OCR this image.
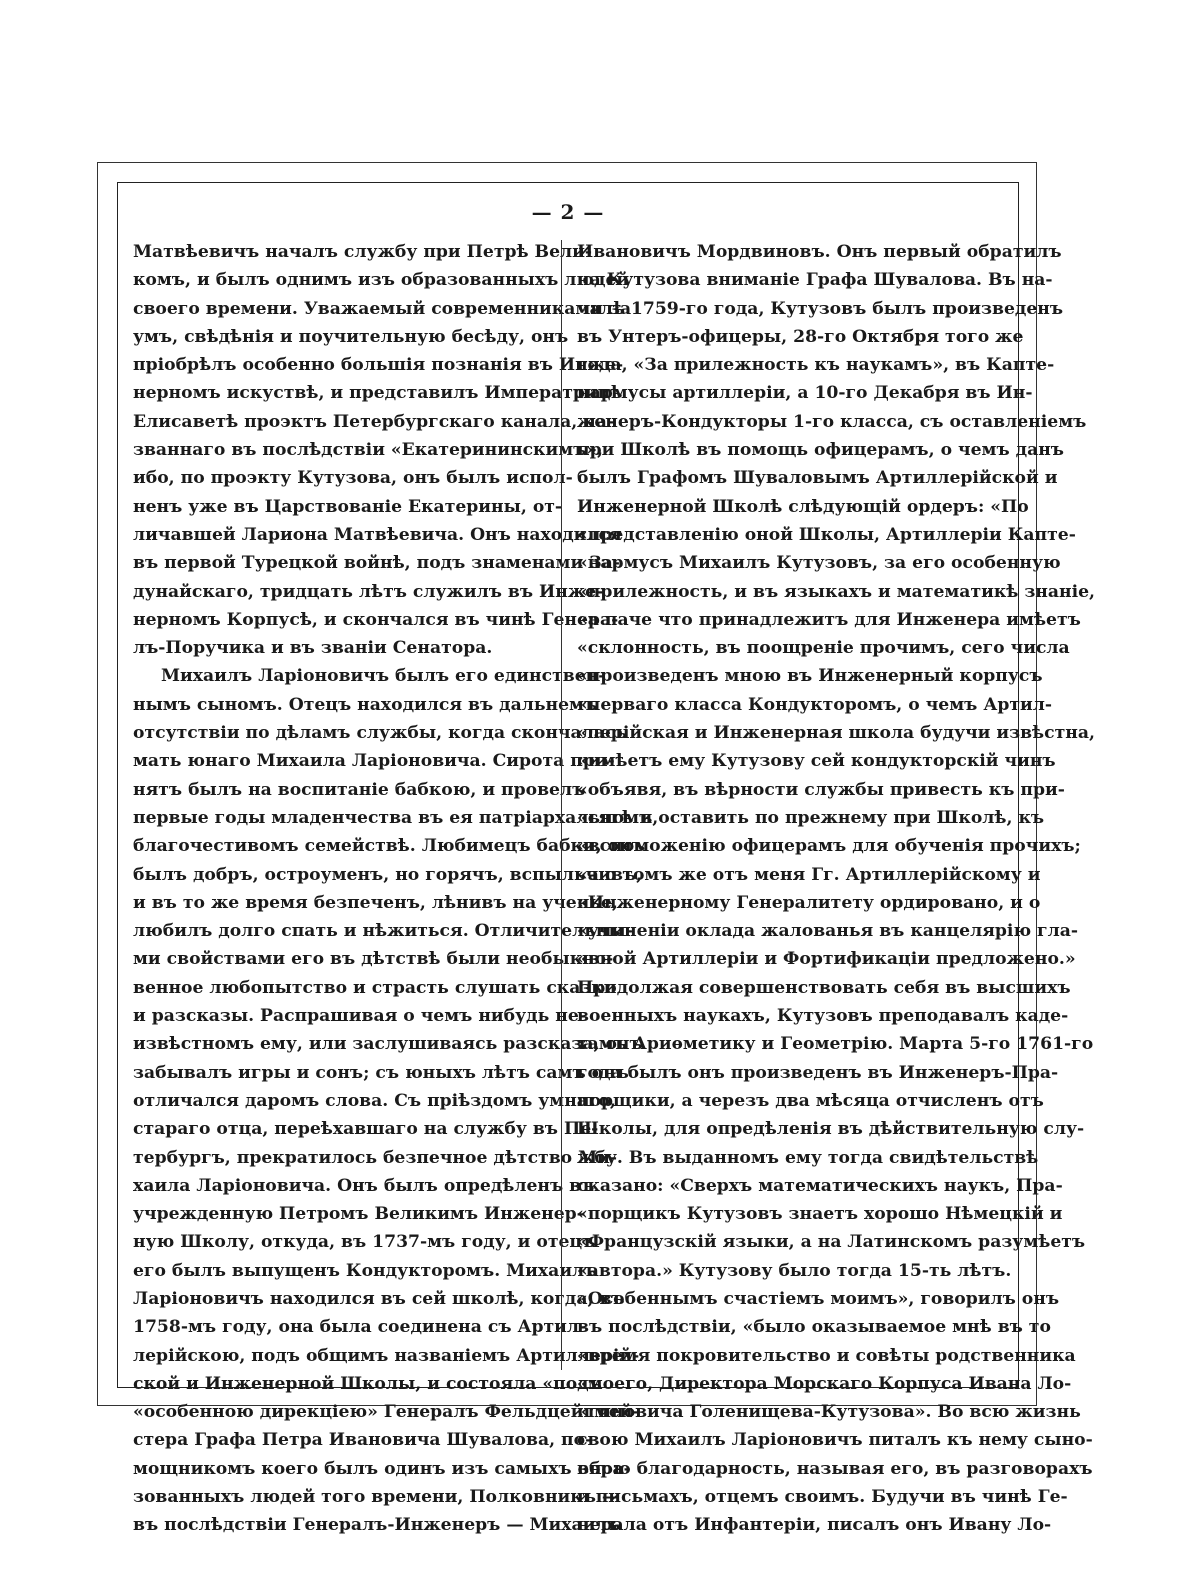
— 2 —
Матвѣевичъ началъ службу при Петрѣ Вели-
комъ, и былъ однимъ изъ образованныхъ людей
своего времени. Уважаемый современниками за
умъ, свѣдѣнія и поучительную бесѣду, онъ
пріобрѣлъ особенно большія познанія въ Инже-
нерномъ искуствѣ, и представилъ Императрицѣ
Елисаветѣ проэктъ Петербургскаго канала, на-
званнаго въ послѣдствіи «Екатерининскимъ»,
ибо, по проэкту Кутузова, онъ былъ испол-
ненъ уже въ Царствованіе Екатерины, от-
личавшей Лариона Матвѣевича. Онъ находился
въ первой Турецкой войнѣ, подъ знаменами За-
дунайскаго, тридцать лѣтъ служилъ въ Инже-
нерномъ Корпусѣ, и скончался въ чинѣ Генера-
лъ-Поручика и въ званіи Сенатора.
Михаилъ Ларіоновичъ былъ его единствен-
нымъ сыномъ. Отецъ находился въ дальнемъ
отсутствіи по дѣламъ службы, когда скончалась
мать юнаго Михаила Ларіоновича. Сирота при-
нятъ былъ на воспитаніе бабкою, и провелъ
первые годы младенчества въ ея патріархальномъ,
благочестивомъ семействѣ. Любимецъ бабки, онъ
былъ добръ, остроуменъ, но горячъ, вспыльчивъ,
и въ то же время безпеченъ, лѣнивъ на ученье,
любилъ долго спать и нѣжиться. Отличительны-
ми свойствами его въ дѣтствѣ были необыкно-
венное любопытство и страсть слушать сказки
и разсказы. Распрашивая о чемъ нибудь не-
извѣстномъ ему, или заслушиваясь разсказа, онъ
забывалъ игры и сонъ; съ юныхъ лѣтъ самъ онъ
отличался даромъ слова. Съ пріѣздомъ умнаго,
стараго отца, переѣхавшаго на службу въ Пе-
тербургъ, прекратилось безпечное дѣтство Ми-
хаила Ларіоновича. Онъ былъ опредѣленъ въ
учрежденную Петромъ Великимъ Инженер-
ную Школу, откуда, въ 1737-мъ году, и отецъ
его былъ выпущенъ Кондукторомъ. Михаилъ
Ларіоновичъ находился въ сей школѣ, когда, въ
1758-мъ году, она была соединена съ Артил-
лерійскою, подъ общимъ названіемъ Артиллерій-
ской и Инженерной Школы, и состояла «подъ
«особенною дирекціею» Генералъ Фельдцейгмей-
стера Графа Петра Ивановича Шувалова, по-
мощникомъ коего былъ одинъ изъ самыхъ обра-
зованныхъ людей того времени, Полковникъ —
въ послѣдствіи Генералъ-Инженеръ — Михаилъ
Ивановичъ Мордвиновъ. Онъ первый обратилъ
на Кутузова вниманіе Графа Шувалова. Въ на-
чалѣ 1759-го года, Кутузовъ былъ произведенъ
въ Унтеръ-офицеры, 28-го Октября того же
года, «За прилежность къ наукамъ», въ Капте-
нармусы артиллеріи, а 10-го Декабря въ Ин-
женеръ-Кондукторы 1-го класса, съ оставленіемъ
при Школѣ въ помощь офицерамъ, о чемъ данъ
былъ Графомъ Шуваловымъ Артиллерійской и
Инженерной Школѣ слѣдующій ордеръ: «По
«представленію оной Школы, Артиллеріи Капте-
«нармусъ Михаилъ Кутузовъ, за его особенную
«прилежность, и въ языкахъ и математикѣ знаніе,
«а паче что принадлежитъ для Инженера имѣетъ
«склонность, въ поощреніе прочимъ, сего числа
«произведенъ мною въ Инженерный корпусъ
«перваго класса Кондукторомъ, о чемъ Артил-
«лерійская и Инженерная школа будучи извѣстна,
«имѣетъ ему Кутузову сей кондукторскій чинъ
«объявя, въ вѣрности службы привесть къ при-
«сягѣ и оставить по прежнему при Школѣ, къ
«вспоможенію офицерамъ для обученія прочихъ;
«а о томъ же отъ меня Гг. Артиллерійскому и
«Инженерному Генералитету ордировано, и о
«учиненіи оклада жалованья въ канцелярію гла-
«вной Артиллеріи и Фортификаціи предложено.»
Продолжая совершенствовать себя въ высшихъ
военныхъ наукахъ, Кутузовъ преподавалъ каде-
тамъ Ариѳметику и Геометрію. Марта 5-го 1761-го
года былъ онъ произведенъ въ Инженеръ-Пра-
порщики, а черезъ два мѣсяца отчисленъ отъ
Школы, для опредѣленія въ дѣйствительную слу-
жбу. Въ выданномъ ему тогда свидѣтельствѣ
сказано: «Сверхъ математическихъ наукъ, Пра-
«порщикъ Кутузовъ знаетъ хорошо Нѣмецкій и
«Французскій языки, а на Латинскомъ разумѣетъ
«автора.» Кутузову было тогда 15-ть лѣтъ.
«Особеннымъ счастіемъ моимъ», говорилъ онъ
въ послѣдствіи, «было оказываемое мнѣ въ то
«время покровительство и совѣты родственника
«моего, Директора Морскаго Корпуса Ивана Ло-
«гиновича Голенищева-Кутузова». Во всю жизнь
свою Михаилъ Ларіоновичъ питалъ къ нему сыно-
вною благодарность, называя его, въ разговорахъ
и письмахъ, отцемъ своимъ. Будучи въ чинѣ Ге-
нерала отъ Инфантеріи, писалъ онъ Ивану Ло-
